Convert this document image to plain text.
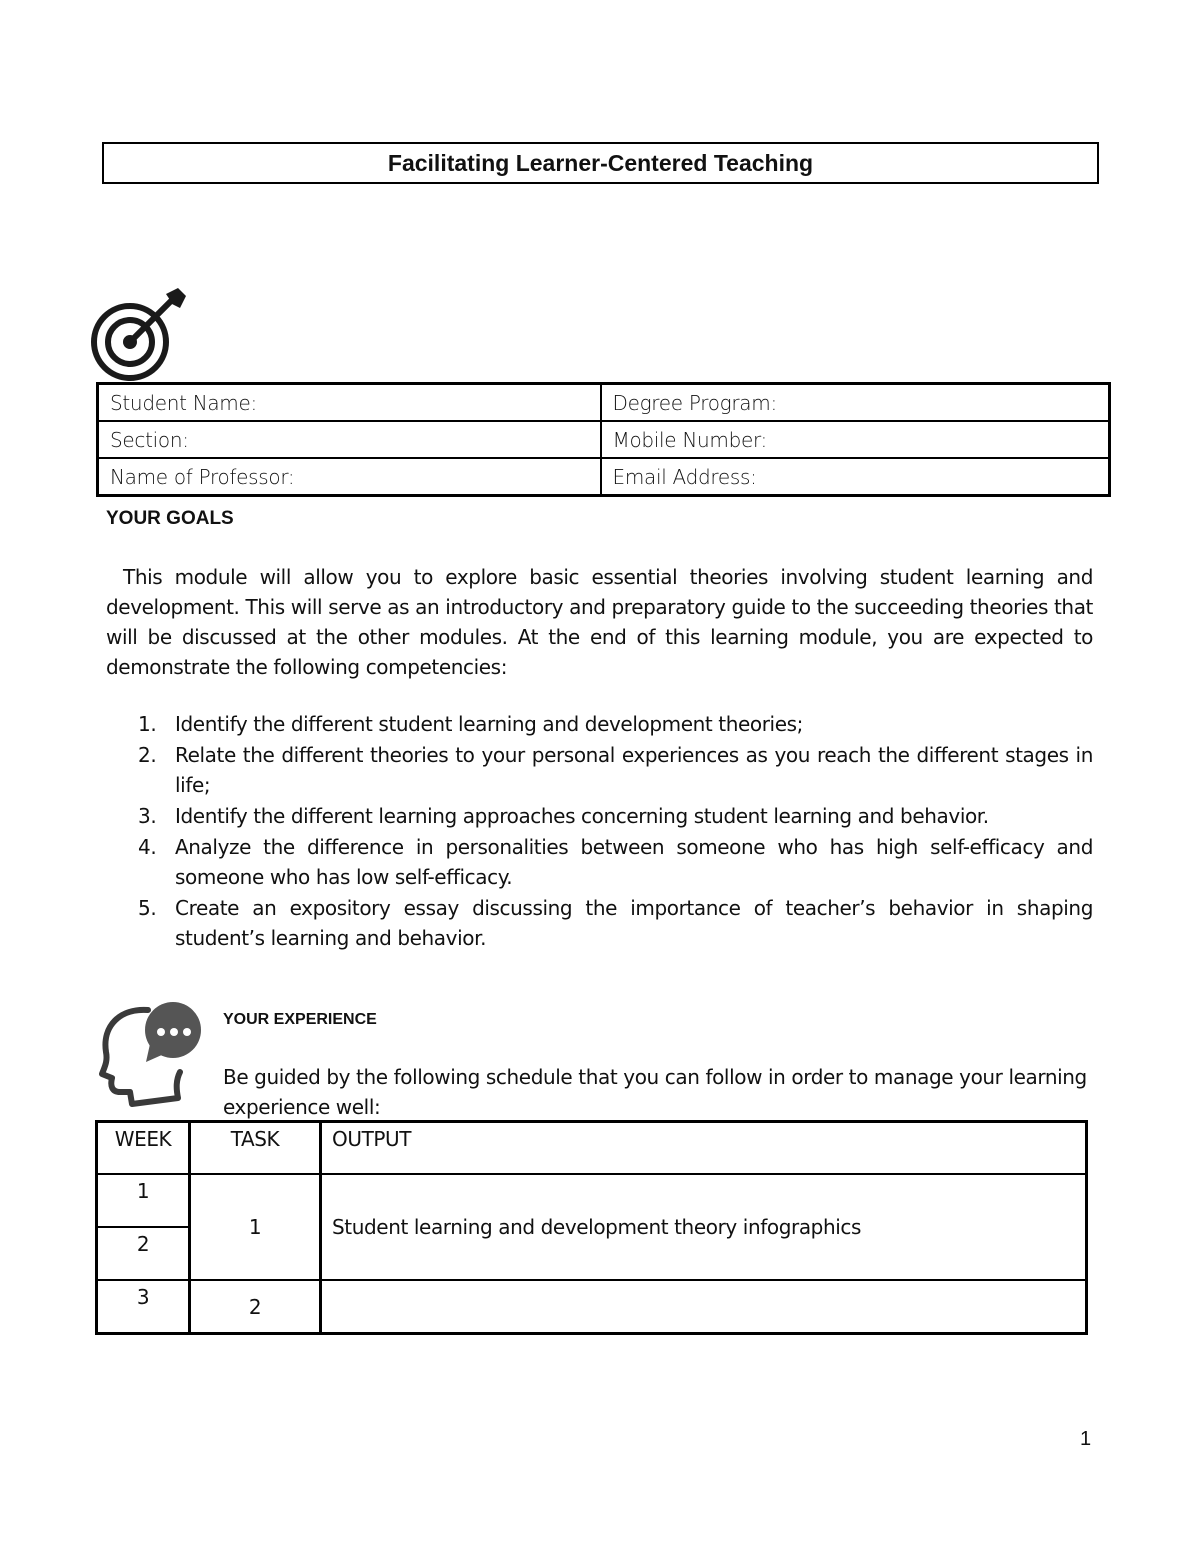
Facilitating Learner-Centered Teaching
Student Name:	Degree Program:
Section:	Mobile Number:
Name of Professor:	Email Address:
YOUR GOALS

This module will allow you to explore basic essential theories involving student learning and development. This will serve as an introductory and preparatory guide to the succeeding theories that will be discussed at the other modules. At the end of this learning module, you are expected to demonstrate the following competencies:

1. Identify the different student learning and development theories;
2. Relate the different theories to your personal experiences as you reach the different stages in life;
3. Identify the different learning approaches concerning student learning and behavior.
4. Analyze the difference in personalities between someone who has high self-efficacy and someone who has low self-efficacy.
5. Create an expository essay discussing the importance of teacher’s behavior in shaping student’s learning and behavior.
YOUR EXPERIENCE

Be guided by the following schedule that you can follow in order to manage your learning experience well:

WEEK	TASK	OUTPUT
1	1	Student learning and development theory infographics
2		
3	2	
1
